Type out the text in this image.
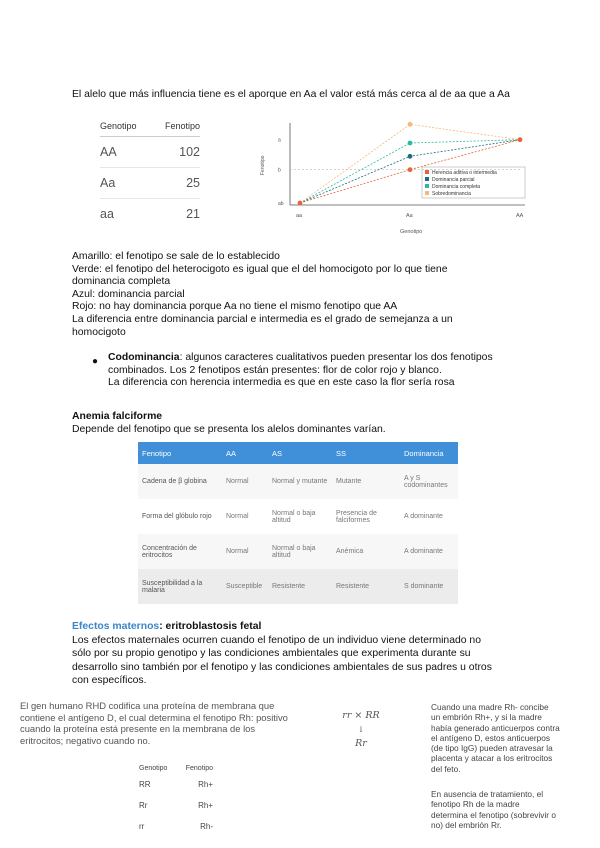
El alelo que más influencia tiene es el aporque en Aa el valor está más cerca al de aa que a Aa
Genotipo	Fenotipo
AA	102
Aa	25
aa	21
a
b
ab
Fenotipo
aa	Aa	AA
Genotipo
Herencia aditiva o intermedia
Dominancia parcial
Dominancia completa
Sobredominancia
Amarillo: el fenotipo se sale de lo establecido
Verde: el fenotipo del heterocigoto es igual que el del homocigoto por lo que tiene
dominancia completa
Azul: dominancia parcial
Rojo: no hay dominancia porque Aa no tiene el mismo fenotipo que AA
La diferencia entre dominancia parcial e intermedia es el grado de semejanza a un
homocigoto
● Codominancia: algunos caracteres cualitativos pueden presentar los dos fenotipos
combinados. Los 2 fenotipos están presentes: flor de color rojo y blanco.
La diferencia con herencia intermedia es que en este caso la flor sería rosa
Anemia falciforme
Depende del fenotipo que se presenta los alelos dominantes varían.
Fenotipo	AA	AS	SS	Dominancia
Cadena de β globina	Normal	Normal y mutante	Mutante	A y S codominantes
Forma del glóbulo rojo	Normal	Normal o baja altitud	Presencia de falciformes	A dominante
Concentración de eritrocitos	Normal	Normal o baja altitud	Anémica	A dominante
Susceptibilidad a la malaria	Susceptible	Resistente	Resistente	S dominante
Efectos maternos: eritroblastosis fetal
Los efectos maternales ocurren cuando el fenotipo de un individuo viene determinado no
sólo por su propio genotipo y las condiciones ambientales que experimenta durante su
desarrollo sino también por el fenotipo y las condiciones ambientales de sus padres u otros
con específicos.
El gen humano RHD codifica una proteína de membrana que
contiene el antígeno D, el cual determina el fenotipo Rh: positivo
cuando la proteína está presente en la membrana de los
eritrocitos; negativo cuando no.
rr × RR
↓
Rr
Genotipo	Fenotipo
RR	Rh+
Rr	Rh+
rr	Rh-
Cuando una madre Rh- concibe
un embrión Rh+, y si la madre
había generado anticuerpos contra
el antígeno D, estos anticuerpos
(de tipo IgG) pueden atravesar la
placenta y atacar a los eritrocitos
del feto.
En ausencia de tratamiento, el
fenotipo Rh de la madre
determina el fenotipo (sobrevivir o
no) del embrión Rr.
